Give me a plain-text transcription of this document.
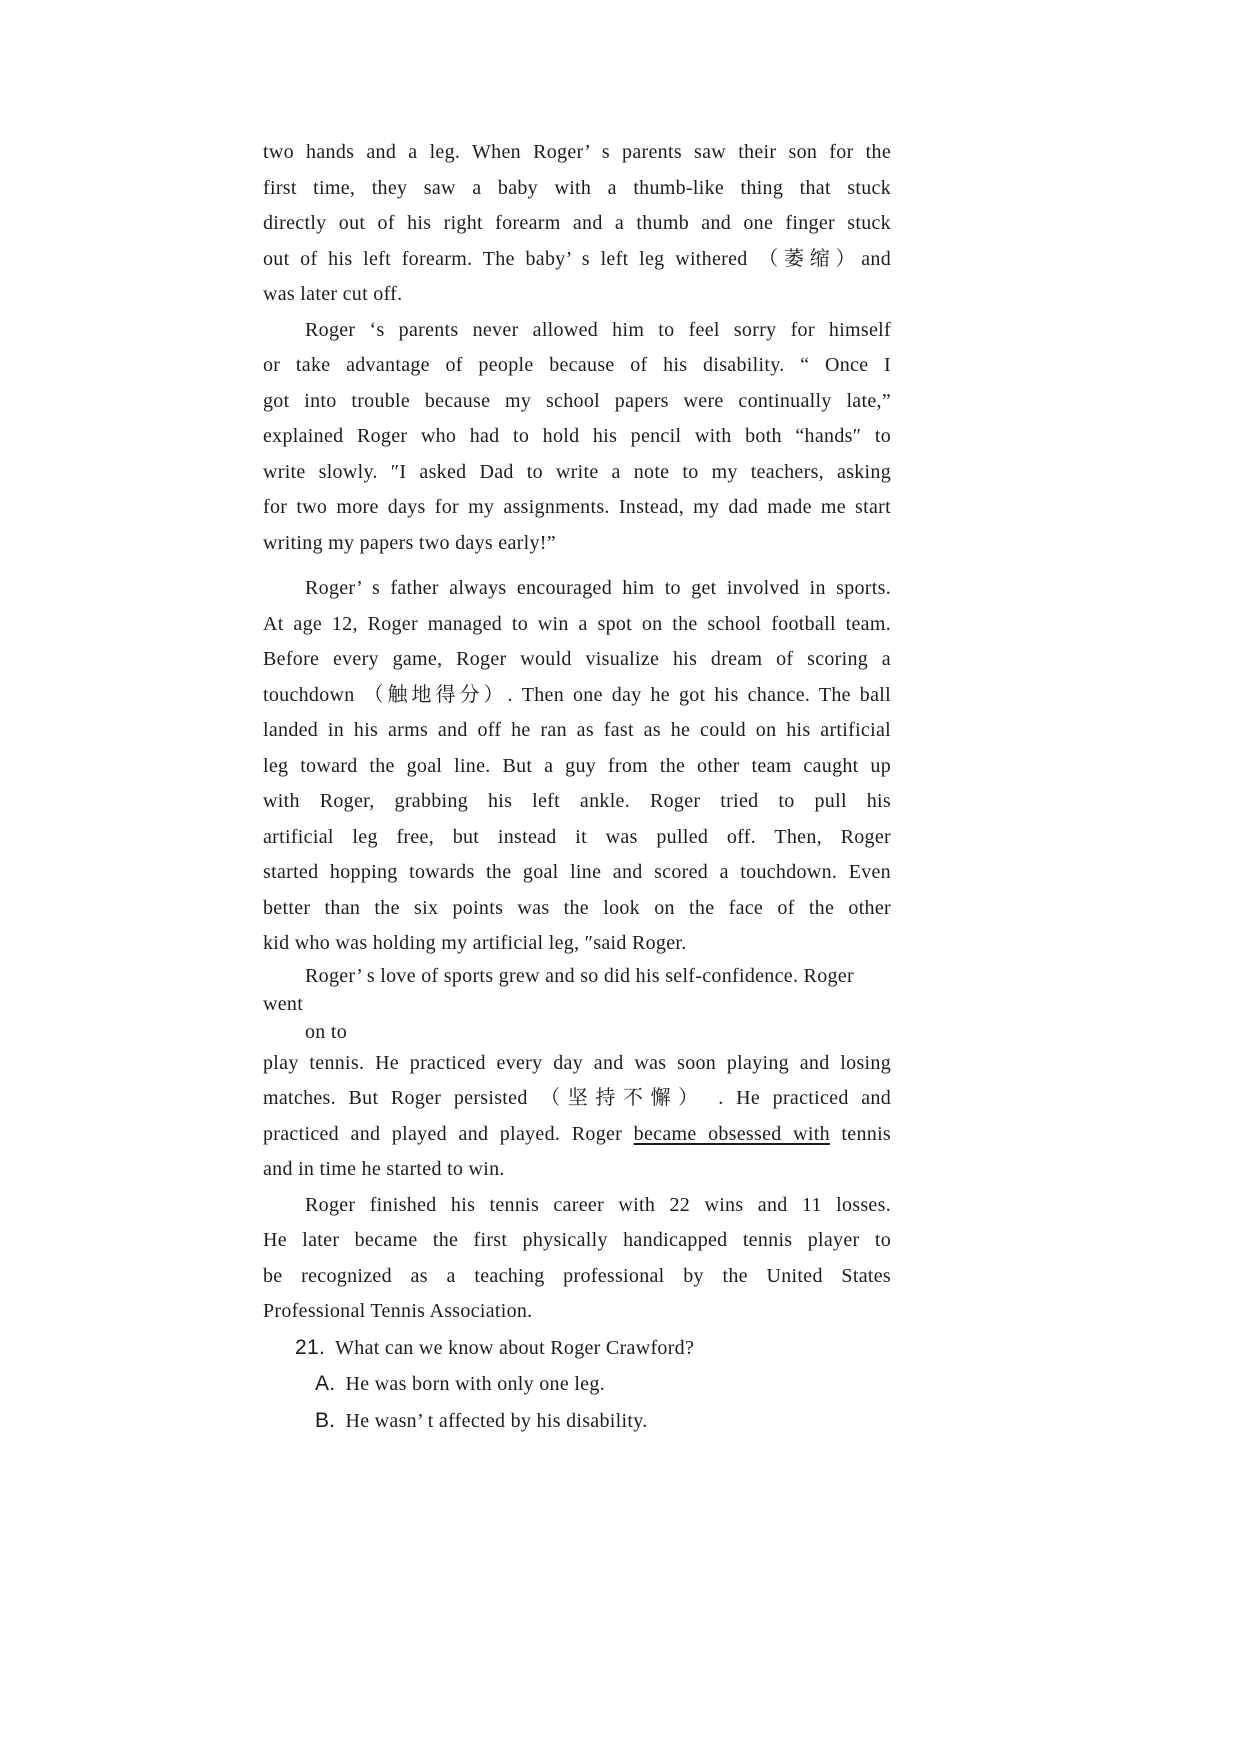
two hands and a leg. When Roger’ s parents saw their son for the
first time, they saw a baby with a thumb-like thing that stuck
directly out of his right forearm and a thumb and one finger stuck
out of his left forearm. The baby’ s left leg withered （萎缩）and
was later cut off.
Roger ‘s parents never allowed him to feel sorry for himself
or take advantage of people because of his disability. “ Once I
got into trouble because my school papers were continually late,”
explained Roger who had to hold his pencil with both “hands″ to
write slowly. ″I asked Dad to write a note to my teachers, asking
for two more days for my assignments. Instead, my dad made me start
writing my papers two days early!”
Roger’ s father always encouraged him to get involved in sports.
At age 12, Roger managed to win a spot on the school football team.
Before every game, Roger would visualize his dream of scoring a
touchdown （触地得分）. Then one day he got his chance. The ball
landed in his arms and off he ran as fast as he could on his artificial
leg toward the goal line. But a guy from the other team caught up
with Roger, grabbing his left ankle. Roger tried to pull his
artificial leg free, but instead it was pulled off. Then, Roger
started hopping towards the goal line and scored a touchdown. Even
better than the six points was the look on the face of the other
kid who was holding my artificial leg, ″said Roger.
Roger’ s love of sports grew and so did his self-confidence. Roger went
on to
play tennis. He practiced every day and was soon playing and losing
matches. But Roger persisted （坚持不懈） . He practiced and
practiced and played and played. Roger became obsessed with tennis
and in time he started to win.
Roger finished his tennis career with 22 wins and 11 losses.
He later became the first physically handicapped tennis player to
be recognized as a teaching professional by the United States
Professional Tennis Association.
21. What can we know about Roger Crawford?
A. He was born with only one leg.
B. He wasn’ t affected by his disability.
